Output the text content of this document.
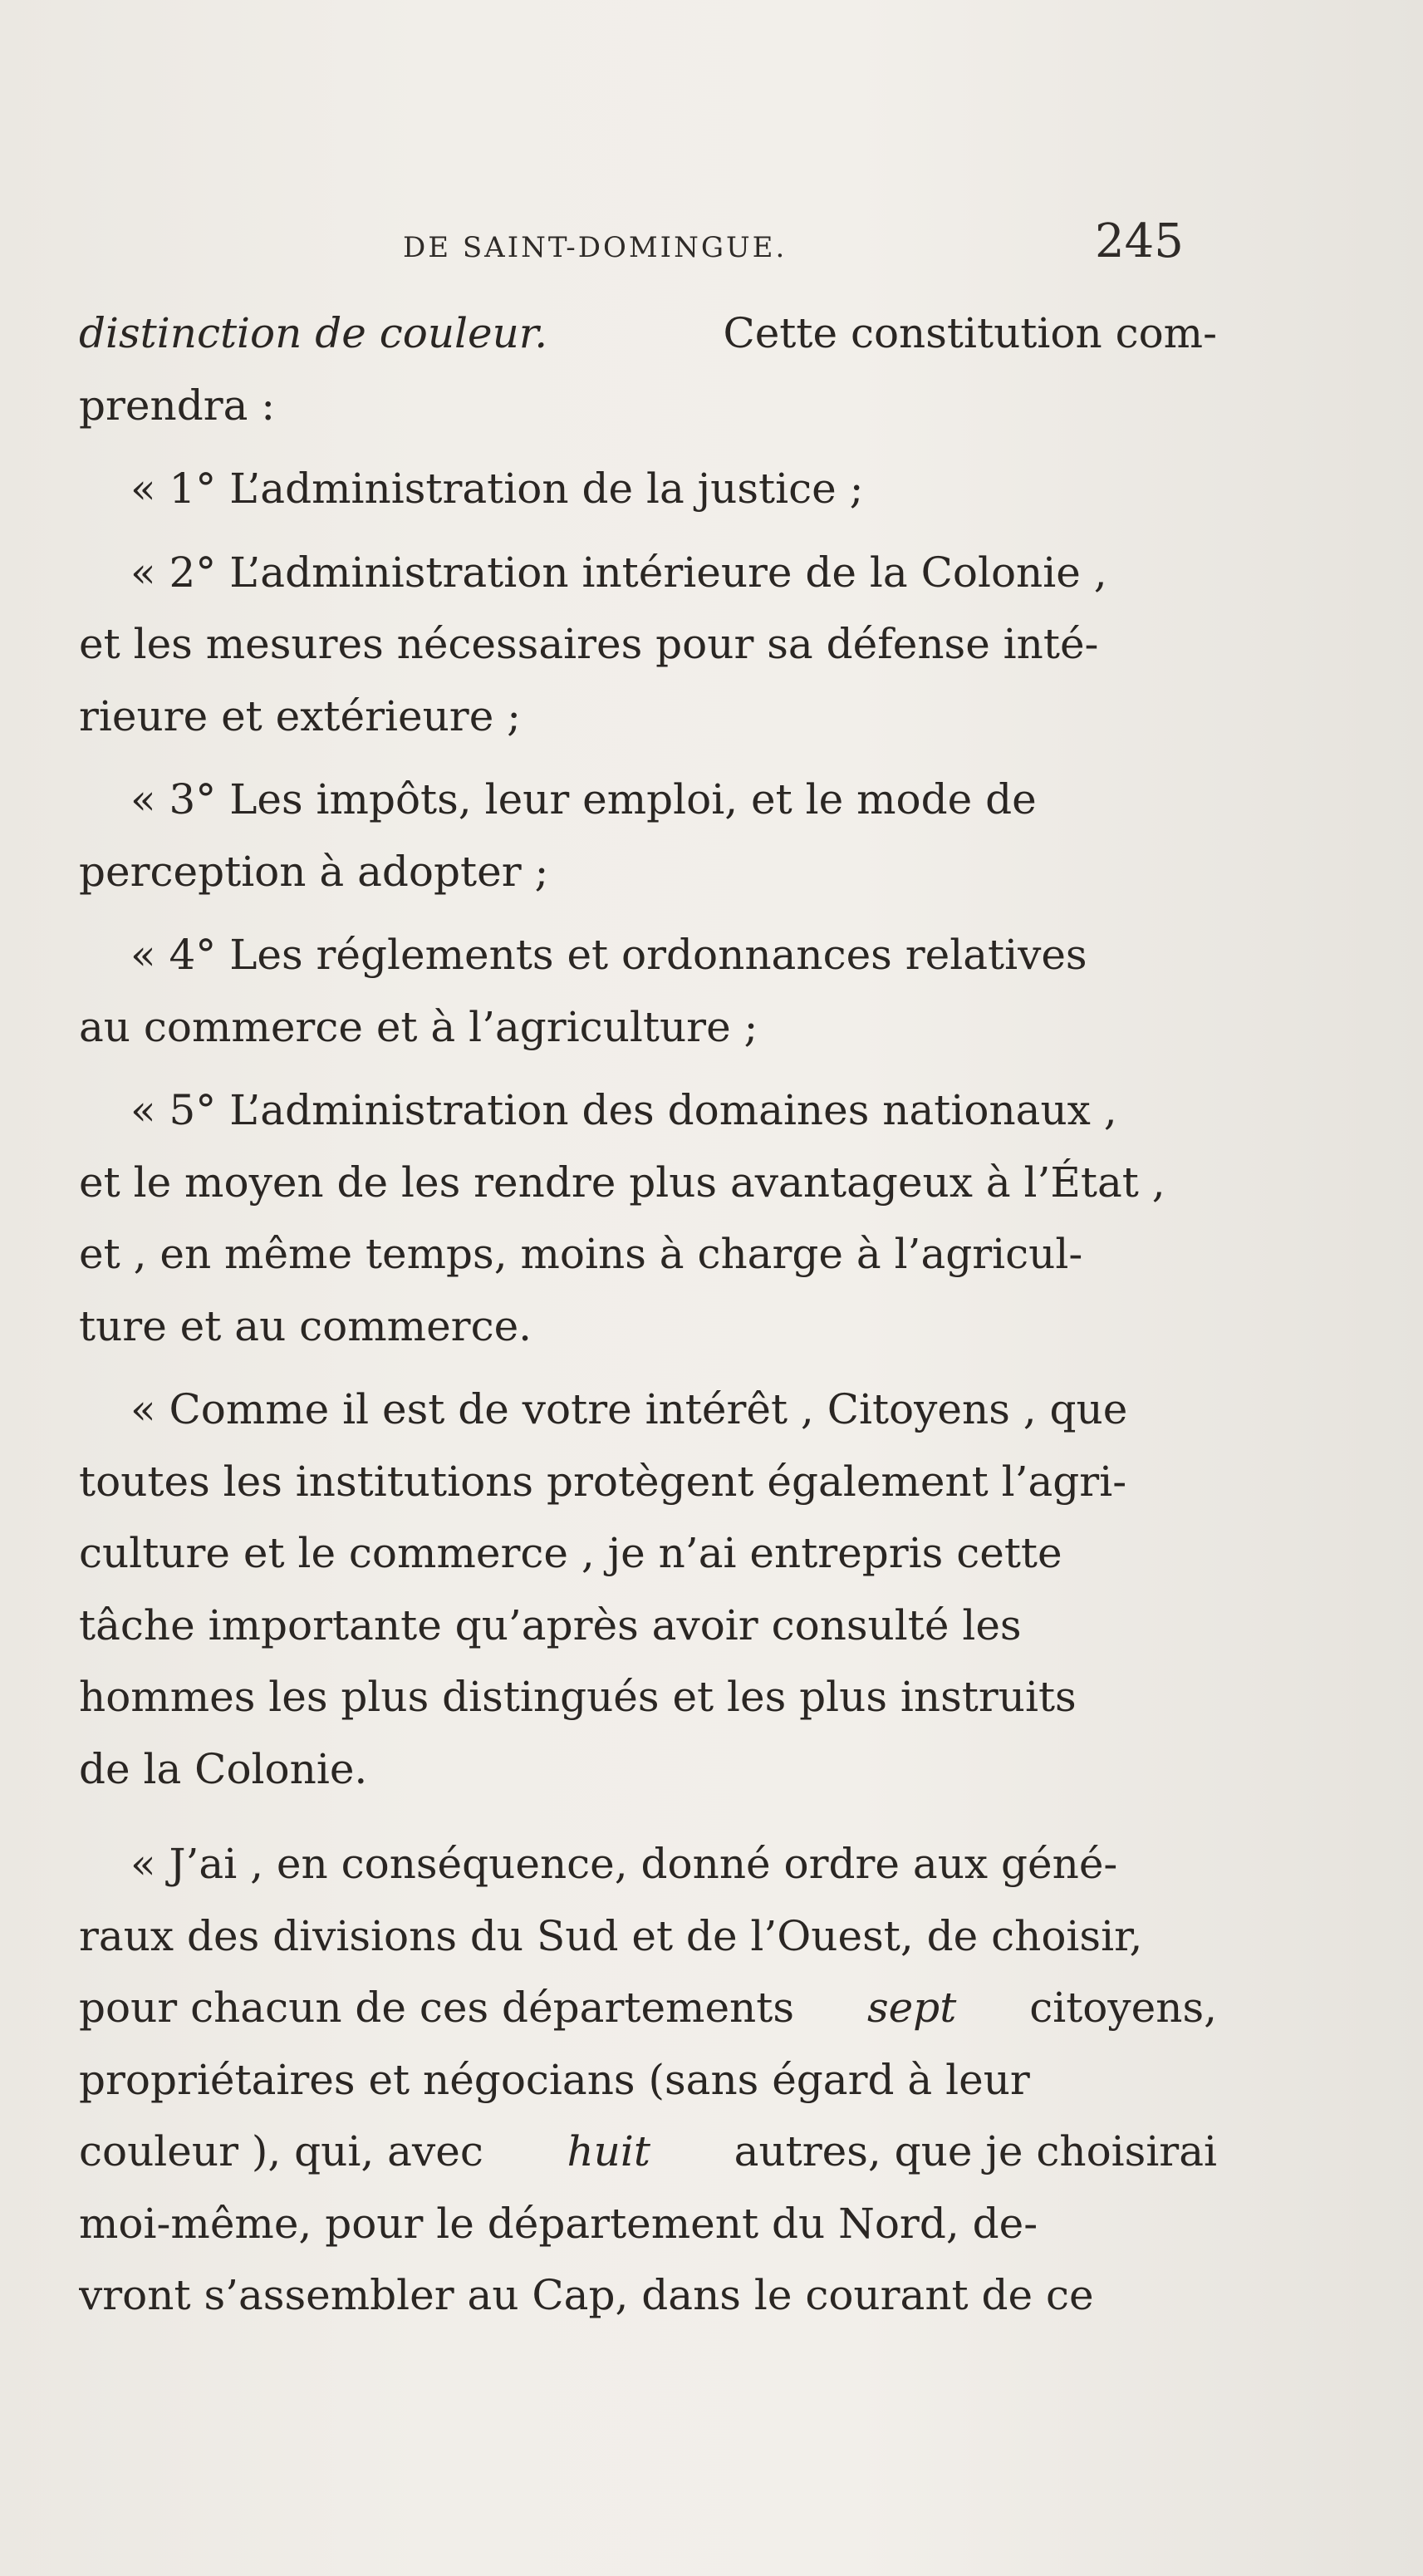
DE SAINT-DOMINGUE.	245
distinction de couleur.	Cette constitution com-
prendra :
« 1° L’administration de la justice ;
« 2° L’administration intérieure de la Colonie ,
et les mesures nécessaires pour sa défense inté-
rieure et extérieure ;
« 3° Les impôts, leur emploi, et le mode de
perception à adopter ;
« 4° Les réglements et ordonnances relatives
au commerce et à l’agriculture ;
« 5° L’administration des domaines nationaux ,
et le moyen de les rendre plus avantageux à l’État ,
et , en même temps, moins à charge à l’agricul-
ture et au commerce.
« Comme il est de votre intérêt , Citoyens , que
toutes les institutions protègent également l’agri-
culture et le commerce , je n’ai entrepris cette
tâche importante qu’après avoir consulté les
hommes les plus distingués et les plus instruits
de la Colonie.
« J’ai , en conséquence, donné ordre aux géné-
raux des divisions du Sud et de l’Ouest, de choisir,
pour chacun de ces départements sept citoyens,
propriétaires et négocians (sans égard à leur
couleur ), qui, avec huit autres, que je choisirai
moi-même, pour le département du Nord, de-
vront s’assembler au Cap, dans le courant de ce
